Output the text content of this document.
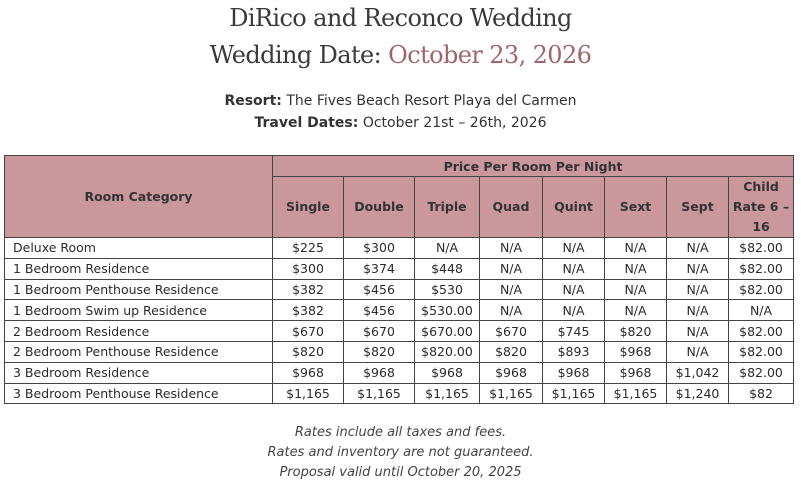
DiRico and Reconco Wedding
Wedding Date: October 23, 2026
Resort: The Fives Beach Resort Playa del Carmen
Travel Dates: October 21st – 26th, 2026
Room Category	Price Per Room Per Night							
	Single	Double	Triple	Quad	Quint	Sext	Sept	Child Rate 6 – 16
Deluxe Room	$225	$300	N/A	N/A	N/A	N/A	N/A	$82.00
1 Bedroom Residence	$300	$374	$448	N/A	N/A	N/A	N/A	$82.00
1 Bedroom Penthouse Residence	$382	$456	$530	N/A	N/A	N/A	N/A	$82.00
1 Bedroom Swim up Residence	$382	$456	$530.00	N/A	N/A	N/A	N/A	N/A
2 Bedroom Residence	$670	$670	$670.00	$670	$745	$820	N/A	$82.00
2 Bedroom Penthouse Residence	$820	$820	$820.00	$820	$893	$968	N/A	$82.00
3 Bedroom Residence	$968	$968	$968	$968	$968	$968	$1,042	$82.00
3 Bedroom Penthouse Residence	$1,165	$1,165	$1,165	$1,165	$1,165	$1,165	$1,240	$82
Rates include all taxes and fees.
Rates and inventory are not guaranteed.
Proposal valid until October 20, 2025
